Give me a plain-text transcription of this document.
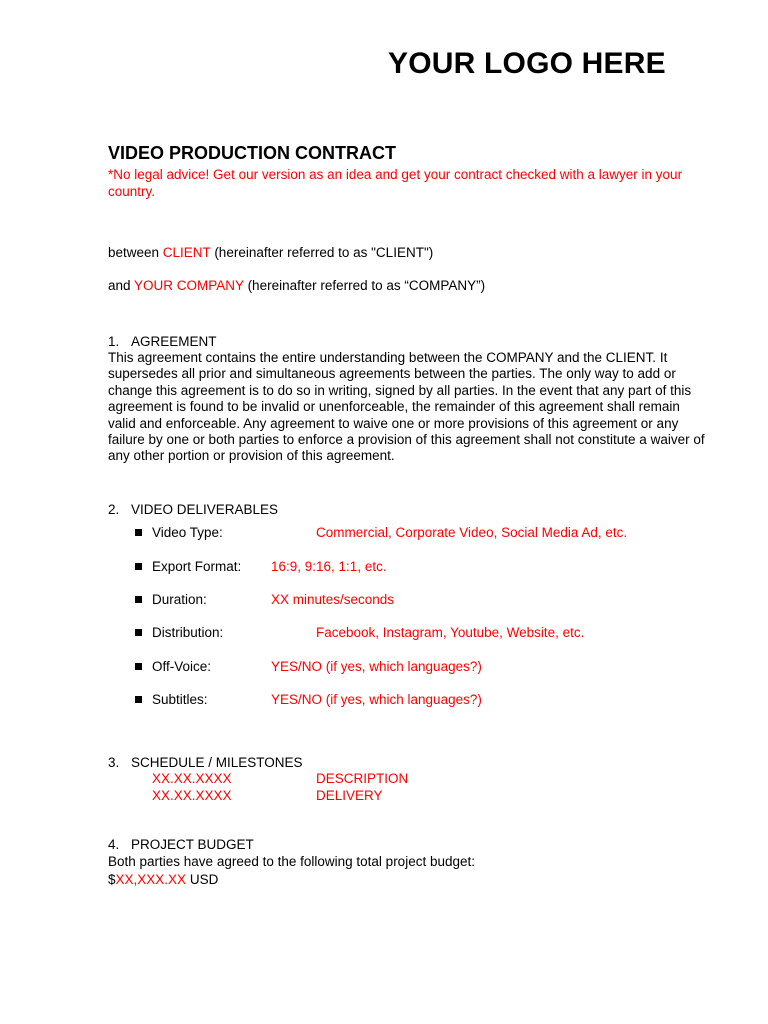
YOUR LOGO HERE
VIDEO PRODUCTION CONTRACT
*No legal advice! Get our version as an idea and get your contract checked with a lawyer in your country.
between CLIENT (hereinafter referred to as "CLIENT")
and YOUR COMPANY (hereinafter referred to as “COMPANY”)
1. AGREEMENT
This agreement contains the entire understanding between the COMPANY and the CLIENT. It supersedes all prior and simultaneous agreements between the parties. The only way to add or change this agreement is to do so in writing, signed by all parties. In the event that any part of this agreement is found to be invalid or unenforceable, the remainder of this agreement shall remain valid and enforceable. Any agreement to waive one or more provisions of this agreement or any failure by one or both parties to enforce a provision of this agreement shall not constitute a waiver of any other portion or provision of this agreement.
2. VIDEO DELIVERABLES
Video Type:	Commercial, Corporate Video, Social Media Ad, etc.
Export Format: 16:9, 9:16, 1:1, etc.
Duration:	XX minutes/seconds
Distribution:	Facebook, Instagram, Youtube, Website, etc.
Off-Voice:	YES/NO (if yes, which languages?)
Subtitles:	YES/NO (if yes, which languages?)
3. SCHEDULE / MILESTONES
XX.XX.XXXX	DESCRIPTION
XX.XX.XXXX	DELIVERY
4. PROJECT BUDGET
Both parties have agreed to the following total project budget:
$XX,XXX.XX USD
